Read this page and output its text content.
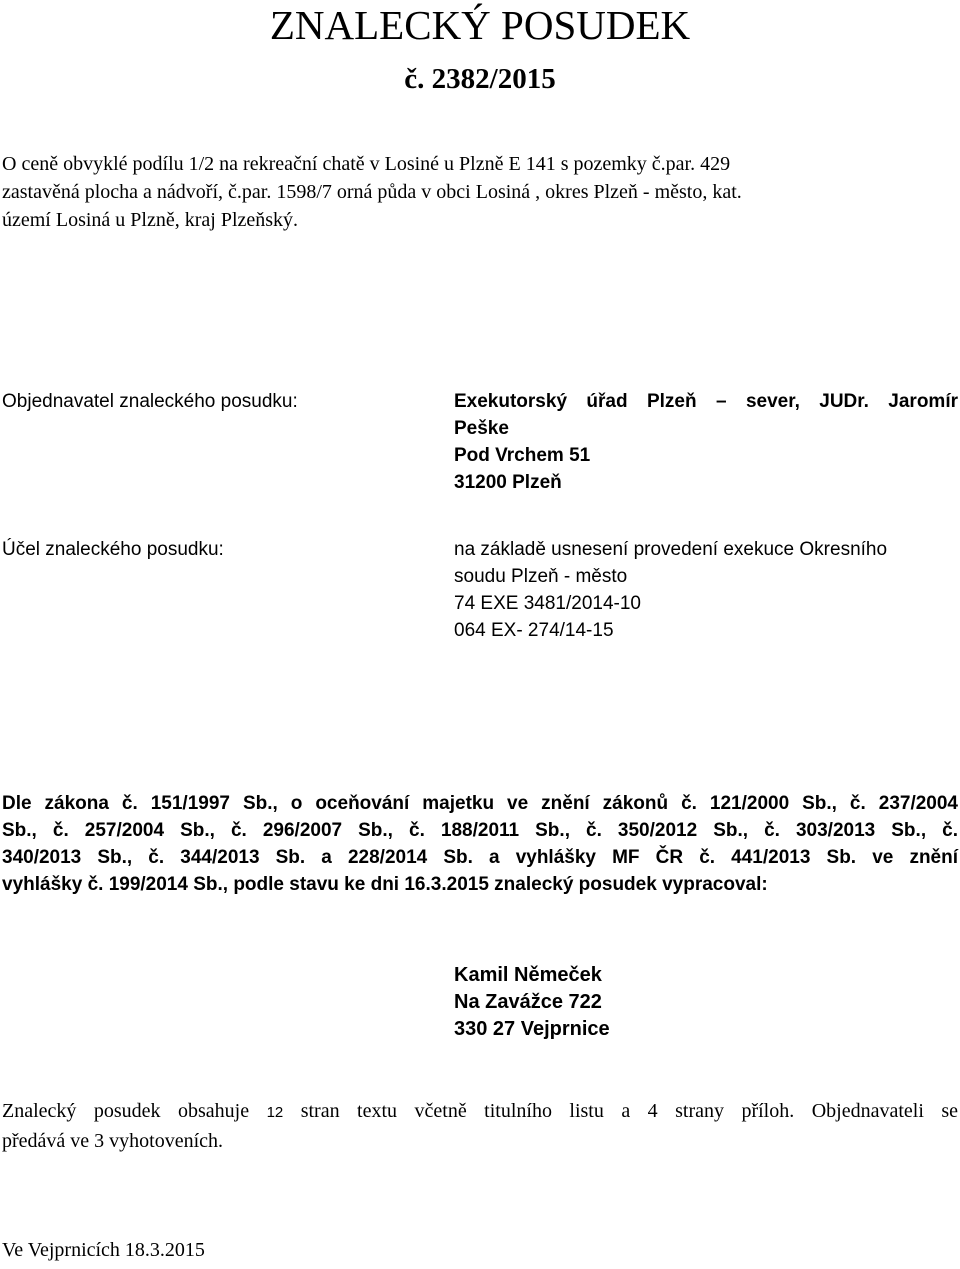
ZNALECKÝ POSUDEK
č. 2382/2015

O ceně obvyklé podílu 1/2 na rekreační chatě v Losiné u Plzně E 141 s pozemky č.par. 429
zastavěná plocha a nádvoří, č.par. 1598/7 orná půda v obci Losiná , okres Plzeň - město, kat.
území Losiná u Plzně, kraj Plzeňský.

Objednavatel znaleckého posudku:	Exekutorský úřad Plzeň – sever, JUDr. Jaromír
Peške
Pod Vrchem 51
31200 Plzeň
Účel znaleckého posudku:	na základě usnesení provedení exekuce Okresního
soudu Plzeň - město
74 EXE 3481/2014-10
064 EX- 274/14-15

Dle zákona č. 151/1997 Sb., o oceňování majetku ve znění zákonů č. 121/2000 Sb., č. 237/2004
Sb., č. 257/2004 Sb., č. 296/2007 Sb., č. 188/2011 Sb., č. 350/2012 Sb., č. 303/2013 Sb., č.
340/2013 Sb., č. 344/2013 Sb. a 228/2014 Sb. a vyhlášky MF ČR č. 441/2013 Sb. ve znění
vyhlášky č. 199/2014 Sb., podle stavu ke dni 16.3.2015 znalecký posudek vypracoval:

Kamil Němeček
Na Zavážce 722
330 27 Vejprnice

Znalecký posudek obsahuje 12 stran textu včetně titulního listu a 4 strany příloh. Objednavateli se
předává ve 3 vyhotoveních.

Ve Vejprnicích 18.3.2015
